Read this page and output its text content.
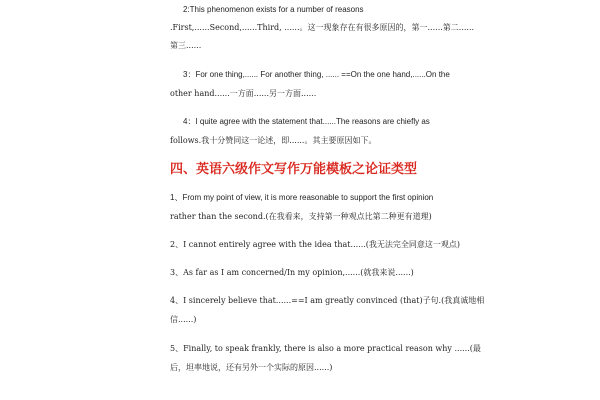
2:This phenomenon exists for a number of reasons
.First,......Second,......Third, ......。这一现象存在有很多原因的，第一......第二......
第三......
3：For one thing,...... For another thing, ...... ==On the one hand,......On the
other hand......一方面......另一方面......
4：I quite agree with the statement that......The reasons are chiefly as
follows.我十分赞同这一论述，即......。其主要原因如下。
四、英语六级作文写作万能模板之论证类型
1、From my point of view, it is more reasonable to support the first opinion
rather than the second.(在我看来，支持第一种观点比第二种更有道理)
2、I cannot entirely agree with the idea that......(我无法完全同意这一观点)
3、As far as I am concerned/In my opinion,......(就我来说......)
4、I sincerely believe that......==I am greatly convinced (that)子句.(我真诚地相
信......)
5、Finally, to speak frankly, there is also a more practical reason why ......(最
后，坦率地说，还有另外一个实际的原因......)
